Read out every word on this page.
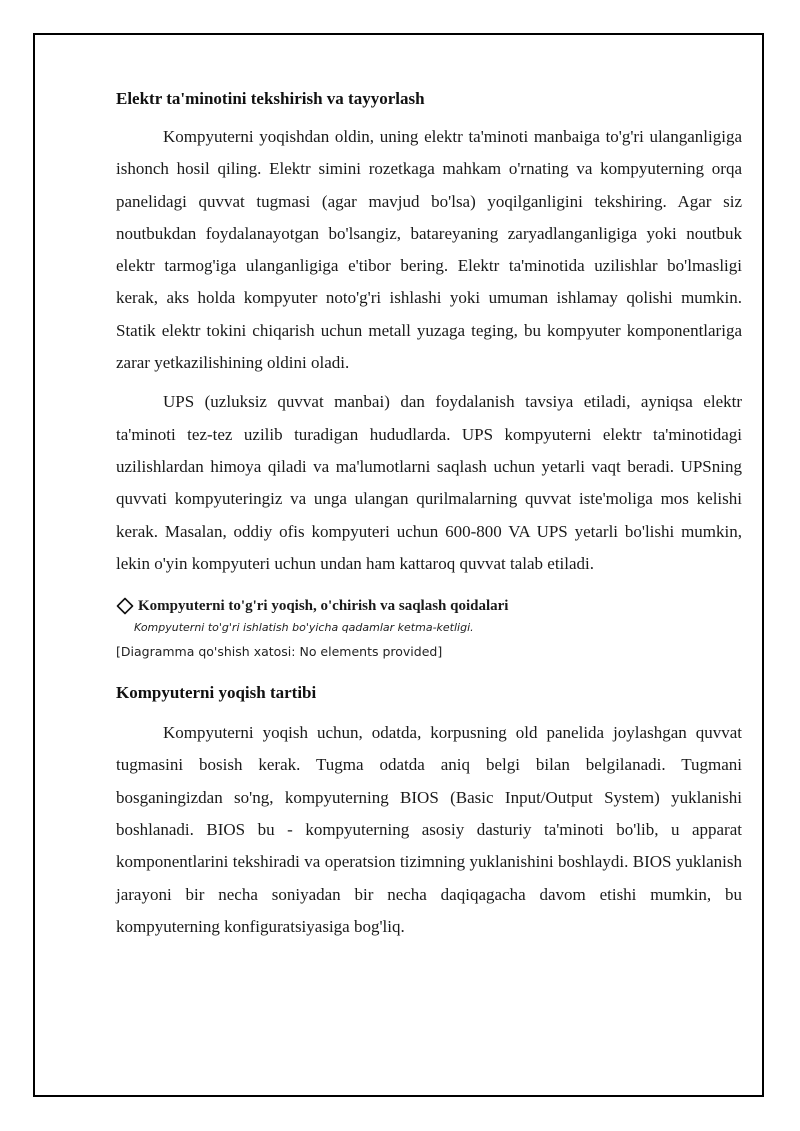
Elektr ta'minotini tekshirish va tayyorlash

Kompyuterni yoqishdan oldin, uning elektr ta'minoti manbaiga to'g'ri ulanganligiga ishonch hosil qiling. Elektr simini rozetkaga mahkam o'rnating va kompyuterning orqa panelidagi quvvat tugmasi (agar mavjud bo'lsa) yoqilganligini tekshiring. Agar siz noutbukdan foydalanayotgan bo'lsangiz, batareyaning zaryadlanganligiga yoki noutbuk elektr tarmog'iga ulanganligiga e'tibor bering. Elektr ta'minotida uzilishlar bo'lmasligi kerak, aks holda kompyuter noto'g'ri ishlashi yoki umuman ishlamay qolishi mumkin. Statik elektr tokini chiqarish uchun metall yuzaga teging, bu kompyuter komponentlariga zarar yetkazilishining oldini oladi.

UPS (uzluksiz quvvat manbai) dan foydalanish tavsiya etiladi, ayniqsa elektr ta'minoti tez-tez uzilib turadigan hududlarda. UPS kompyuterni elektr ta'minotidagi uzilishlardan himoya qiladi va ma'lumotlarni saqlash uchun yetarli vaqt beradi. UPSning quvvati kompyuteringiz va unga ulangan qurilmalarning quvvat iste'moliga mos kelishi kerak. Masalan, oddiy ofis kompyuteri uchun 600-800 VA UPS yetarli bo'lishi mumkin, lekin o'yin kompyuteri uchun undan ham kattaroq quvvat talab etiladi.

Kompyuterni to'g'ri yoqish, o'chirish va saqlash qoidalari
Kompyuterni to'g'ri ishlatish bo'yicha qadamlar ketma-ketligi.
[Diagramma qo'shish xatosi: No elements provided]
Kompyuterni yoqish tartibi

Kompyuterni yoqish uchun, odatda, korpusning old panelida joylashgan quvvat tugmasini bosish kerak. Tugma odatda aniq belgi bilan belgilanadi. Tugmani bosganingizdan so'ng, kompyuterning BIOS (Basic Input/Output System) yuklanishi boshlanadi. BIOS bu - kompyuterning asosiy dasturiy ta'minoti bo'lib, u apparat komponentlarini tekshiradi va operatsion tizimning yuklanishini boshlaydi. BIOS yuklanish jarayoni bir necha soniyadan bir necha daqiqagacha davom etishi mumkin, bu kompyuterning konfiguratsiyasiga bog'liq.
